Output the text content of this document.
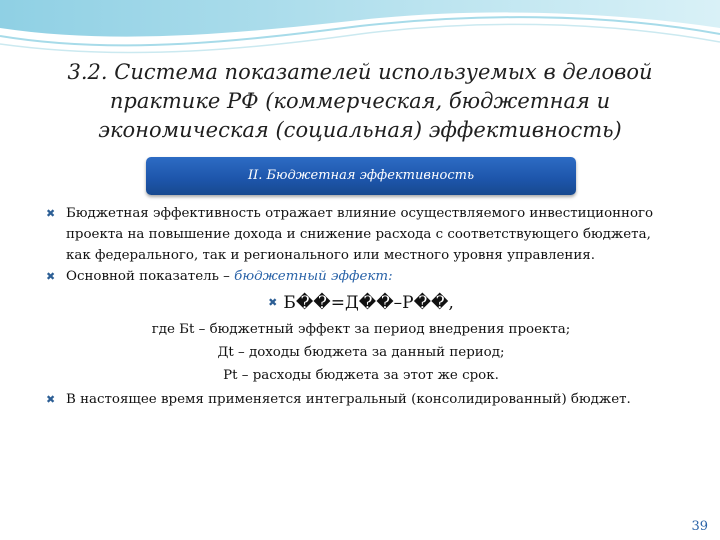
3.2. Система показателей используемых в деловой практике РФ (коммерческая, бюджетная и экономическая (социальная) эффективность)
II. Бюджетная эффективность
✖ Бюджетная эффективность отражает влияние осуществляемого инвестиционного проекта на повышение дохода и снижение расхода с соответствующего бюджета, как федерального, так и регионального или местного уровня управления.
✖ Основной показатель – бюджетный эффект:
✖ Б��=Д��–Р��,
где Бt – бюджетный эффект за период внедрения проекта;
Дt – доходы бюджета за данный период;
Рt – расходы бюджета за этот же срок.
✖ В настоящее время применяется интегральный (консолидированный) бюджет.
39
